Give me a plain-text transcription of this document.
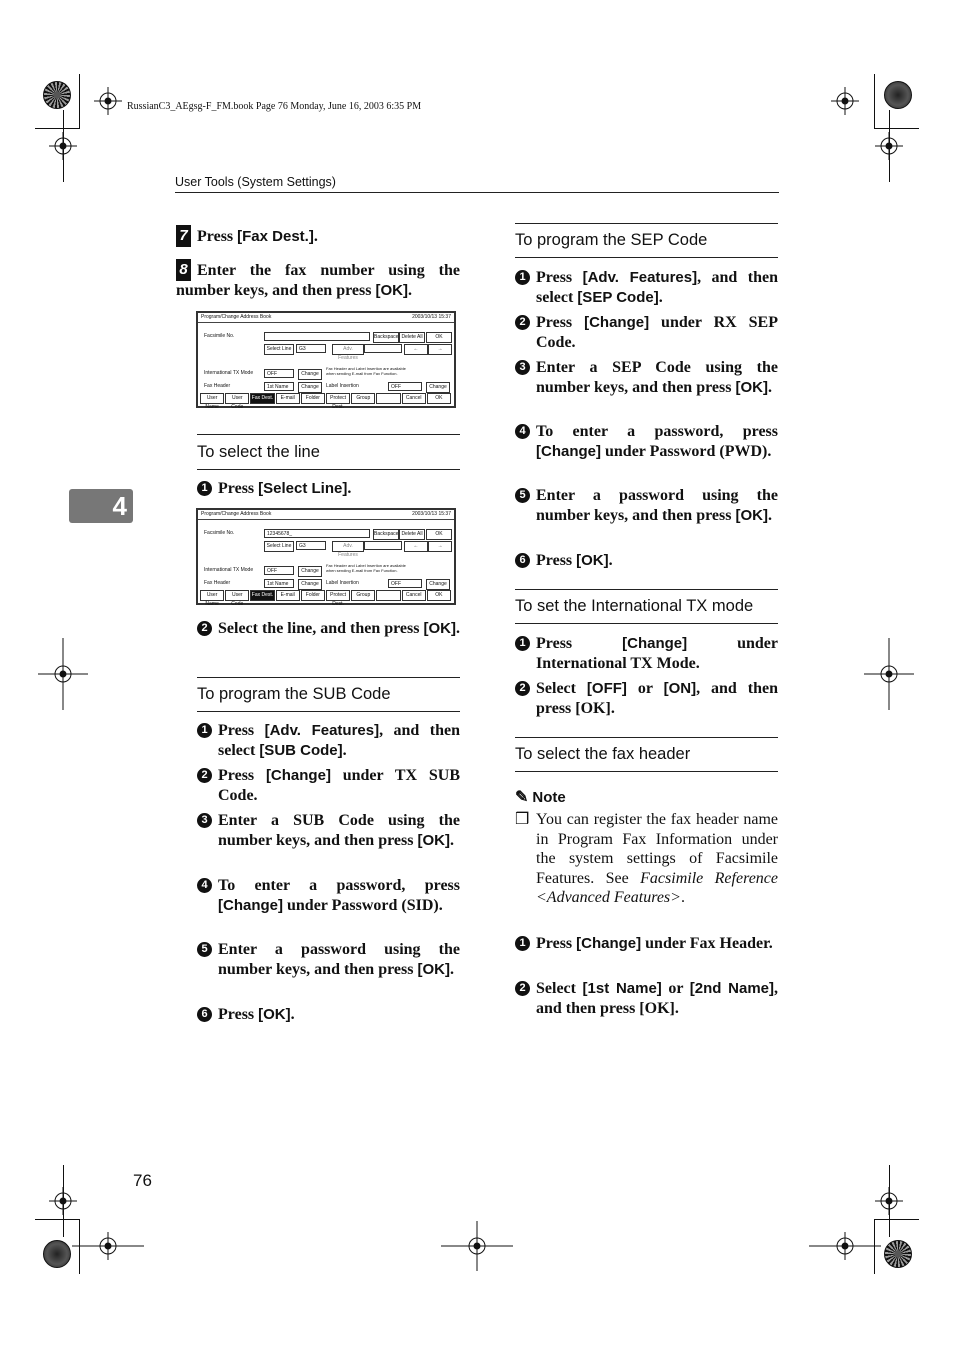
RussianC3_AEgsg-F_FM.book Page 76 Monday, June 16, 2003 6:35 PM
User Tools (System Settings)
4
7 Press [Fax Dest.].
8 Enter the fax number using the number keys, and then press [OK].
Program/Change Address Book	2003/10/13 15:37
Facsimile No.	Backspace Delete All	OK
Select Line	G3	Adv. Features
←	→
International TX Mode	OFF	Change
Fax Header and Label Insertion are available when sending E-mail from Fax Function.
Fax Header	1st Name	Change	Label Insertion	OFF	Change
User Name
User Code
Fax Dest.	E-mail	Folder	Protect Dest.
Group	Cancel	OK
To select the line
1 Press [Select Line].
Program/Change Address Book	2003/10/13 15:37
Facsimile No.	12345678_	Backspace Delete All	OK
Select Line	G3	Adv. Features
←	→
International TX Mode	OFF	Change
Fax Header and Label Insertion are available when sending E-mail from Fax Function.
Fax Header	1st Name	Change	Label Insertion	OFF	Change
User Name
User Code
Fax Dest.	E-mail	Folder	Protect Dest.
Group	Cancel	OK
2 Select the line, and then press [OK].
To program the SUB Code
1 Press [Adv. Features], and then select [SUB Code].
2 Press [Change] under TX SUB Code.
3 Enter a SUB Code using the number keys, and then press [OK].
4 To enter a password, press [Change] under Password (SID).
5 Enter a password using the number keys, and then press [OK].
6 Press [OK].
To program the SEP Code
1 Press [Adv. Features], and then select [SEP Code].
2 Press [Change] under RX SEP Code.
3 Enter a SEP Code using the number keys, and then press [OK].
4 To enter a password, press [Change] under Password (PWD).
5 Enter a password using the number keys, and then press [OK].
6 Press [OK].
To set the International TX mode
1 Press [Change] under International TX Mode.
2 Select [OFF] or [ON], and then press [OK].
To select the fax header
✎ Note
❒ You can register the fax header name in Program Fax Information under the system settings of Facsimile Features. See Facsimile Reference <Advanced Features>.
1 Press [Change] under Fax Header.
2 Select [1st Name] or [2nd Name], and then press [OK].
76
